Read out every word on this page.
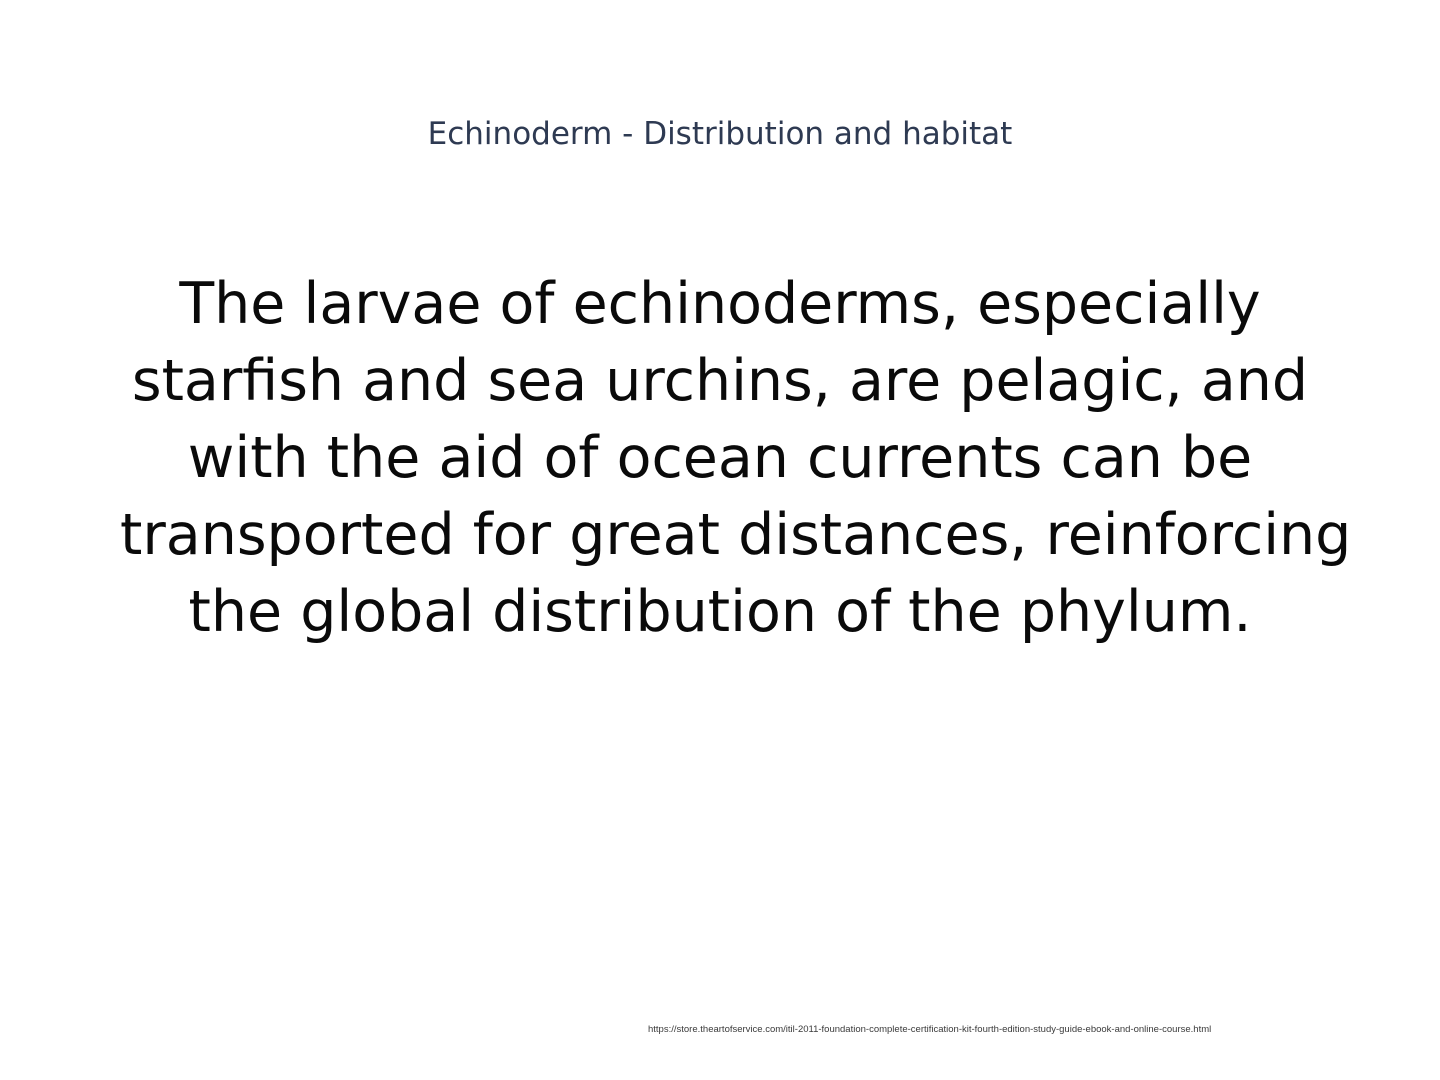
Echinoderm - Distribution and habitat
The larvae of echinoderms, especially
starfish and sea urchins, are pelagic, and
with the aid of ocean currents can be
transported for great distances, reinforcing
the global distribution of the phylum.
https://store.theartofservice.com/itil-2011-foundation-complete-certification-kit-fourth-edition-study-guide-ebook-and-online-course.html
